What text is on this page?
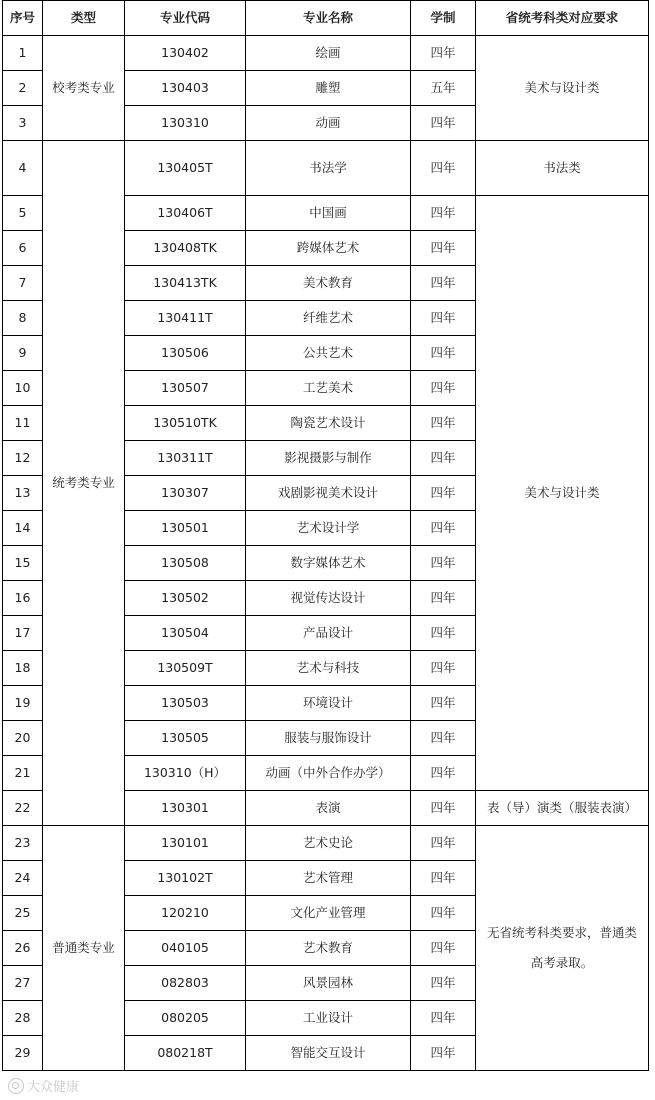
序号	类型	专业代码	专业名称	学制	省统考科类对应要求
1	校考类专业	130402	绘画	四年	美术与设计类
2		130403	雕塑	五年	
3		130310	动画	四年	
4	统考类专业	130405T	书法学	四年	书法类
5		130406T	中国画	四年	美术与设计类
6		130408TK	跨媒体艺术	四年	
7		130413TK	美术教育	四年	
8		130411T	纤维艺术	四年	
9		130506	公共艺术	四年	
10		130507	工艺美术	四年	
11		130510TK	陶瓷艺术设计	四年	
12		130311T	影视摄影与制作	四年	
13		130307	戏剧影视美术设计	四年	
14		130501	艺术设计学	四年	
15		130508	数字媒体艺术	四年	
16		130502	视觉传达设计	四年	
17		130504	产品设计	四年	
18		130509T	艺术与科技	四年	
19		130503	环境设计	四年	
20		130505	服装与服饰设计	四年	
21		130310（H）	动画（中外合作办学）	四年	
22		130301	表演	四年	表（导）演类（服装表演）
23	普通类专业	130101	艺术史论	四年	无省统考科类要求，普通类高考录取。
24		130102T	艺术管理	四年	
25		120210	文化产业管理	四年	
26		040105	艺术教育	四年	
27		082803	风景园林	四年	
28		080205	工业设计	四年	
29		080218T	智能交互设计	四年	
大众健康
